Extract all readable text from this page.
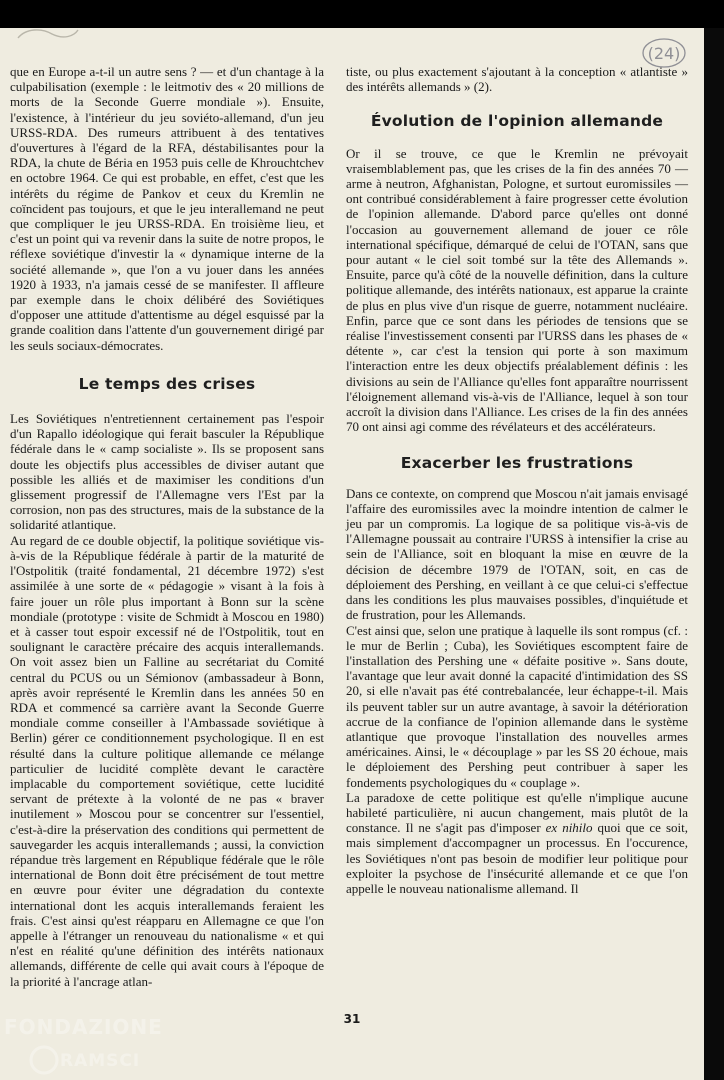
(24)

que en Europe a-t-il un autre sens ? — et d'un chantage à la culpabilisation (exemple : le leitmotiv des « 20 millions de morts de la Seconde Guerre mondiale »). Ensuite, l'existence, à l'intérieur du jeu soviéto-allemand, d'un jeu URSS-RDA. Des rumeurs attribuent à des tentatives d'ouvertures à l'égard de la RFA, déstabilisantes pour la RDA, la chute de Béria en 1953 puis celle de Khrouchtchev en octobre 1964. Ce qui est probable, en effet, c'est que les intérêts du régime de Pankov et ceux du Kremlin ne coïncident pas toujours, et que le jeu interallemand ne peut que compliquer le jeu URSS-RDA. En troisième lieu, et c'est un point qui va revenir dans la suite de notre propos, le réflexe soviétique d'investir la « dynamique interne de la société allemande », que l'on a vu jouer dans les années 1920 à 1933, n'a jamais cessé de se manifester. Il affleure par exemple dans le choix délibéré des Soviétiques d'opposer une attitude d'attentisme au dégel esquissé par la grande coalition dans l'attente d'un gouvernement dirigé par les seuls sociaux-démocrates.

Le temps des crises

Les Soviétiques n'entretiennent certainement pas l'espoir d'un Rapallo idéologique qui ferait basculer la République fédérale dans le « camp socialiste ». Ils se proposent sans doute les objectifs plus accessibles de diviser autant que possible les alliés et de maximiser les conditions d'un glissement progressif de l'Allemagne vers l'Est par la corrosion, non pas des structures, mais de la substance de la solidarité atlantique.

Au regard de ce double objectif, la politique soviétique vis-à-vis de la République fédérale à partir de la maturité de l'Ostpolitik (traité fondamental, 21 décembre 1972) s'est assimilée à une sorte de « pédagogie » visant à la fois à faire jouer un rôle plus important à Bonn sur la scène mondiale (prototype : visite de Schmidt à Moscou en 1980) et à casser tout espoir excessif né de l'Ostpolitik, tout en soulignant le caractère précaire des acquis interallemands. On voit assez bien un Falline au secrétariat du Comité central du PCUS ou un Sémionov (ambassadeur à Bonn, après avoir représenté le Kremlin dans les années 50 en RDA et commencé sa carrière avant la Seconde Guerre mondiale comme conseiller à l'Ambassade soviétique à Berlin) gérer ce conditionnement psychologique. Il en est résulté dans la culture politique allemande ce mélange particulier de lucidité complète devant le caractère implacable du comportement soviétique, cette lucidité servant de prétexte à la volonté de ne pas « braver inutilement » Moscou pour se concentrer sur l'essentiel, c'est-à-dire la préservation des conditions qui permettent de sauvegarder les acquis interallemands ; aussi, la conviction répandue très largement en République fédérale que le rôle international de Bonn doit être précisément de tout mettre en œuvre pour éviter une dégradation du contexte international dont les acquis interallemands feraient les frais. C'est ainsi qu'est réapparu en Allemagne ce que l'on appelle à l'étranger un renouveau du nationalisme « et qui n'est en réalité qu'une définition des intérêts nationaux allemands, différente de celle qui avait cours à l'époque de la priorité à l'ancrage atlan-

tiste, ou plus exactement s'ajoutant à la conception « atlantiste » des intérêts allemands » (2).

Évolution de l'opinion allemande

Or il se trouve, ce que le Kremlin ne prévoyait vraisemblablement pas, que les crises de la fin des années 70 — arme à neutron, Afghanistan, Pologne, et surtout euromissiles — ont contribué considérablement à faire progresser cette évolution de l'opinion allemande. D'abord parce qu'elles ont donné l'occasion au gouvernement allemand de jouer ce rôle international spécifique, démarqué de celui de l'OTAN, sans que pour autant « le ciel soit tombé sur la tête des Allemands ». Ensuite, parce qu'à côté de la nouvelle définition, dans la culture politique allemande, des intérêts nationaux, est apparue la crainte de plus en plus vive d'un risque de guerre, notamment nucléaire. Enfin, parce que ce sont dans les périodes de tensions que se réalise l'investissement consenti par l'URSS dans les phases de « détente », car c'est la tension qui porte à son maximum l'interaction entre les deux objectifs préalablement définis : les divisions au sein de l'Alliance qu'elles font apparaître nourrissent l'éloignement allemand vis-à-vis de l'Alliance, lequel à son tour accroît la division dans l'Alliance. Les crises de la fin des années 70 ont ainsi agi comme des révélateurs et des accélérateurs.

Exacerber les frustrations

Dans ce contexte, on comprend que Moscou n'ait jamais envisagé l'affaire des euromissiles avec la moindre intention de calmer le jeu par un compromis. La logique de sa politique vis-à-vis de l'Allemagne poussait au contraire l'URSS à intensifier la crise au sein de l'Alliance, soit en bloquant la mise en œuvre de la décision de décembre 1979 de l'OTAN, soit, en cas de déploiement des Pershing, en veillant à ce que celui-ci s'effectue dans les conditions les plus mauvaises possibles, d'inquiétude et de frustration, pour les Allemands.

C'est ainsi que, selon une pratique à laquelle ils sont rompus (cf. : le mur de Berlin ; Cuba), les Soviétiques escomptent faire de l'installation des Pershing une « défaite positive ». Sans doute, l'avantage que leur avait donné la capacité d'intimidation des SS 20, si elle n'avait pas été contrebalancée, leur échappe-t-il. Mais ils peuvent tabler sur un autre avantage, à savoir la détérioration accrue de la confiance de l'opinion allemande dans le système atlantique que provoque l'installation des nouvelles armes américaines. Ainsi, le « découplage » par les SS 20 échoue, mais le déploiement des Pershing peut contribuer à saper les fondements psychologiques du « couplage ».

La paradoxe de cette politique est qu'elle n'implique aucune habileté particulière, ni aucun changement, mais plutôt de la constance. Il ne s'agit pas d'imposer ex nihilo quoi que ce soit, mais simplement d'accompagner un processus. En l'occurence, les Soviétiques n'ont pas besoin de modifier leur politique pour exploiter la psychose de l'insécurité allemande et ce que l'on appelle le nouveau nationalisme allemand. Il

31
FONDAZIONE
RAMSCI
